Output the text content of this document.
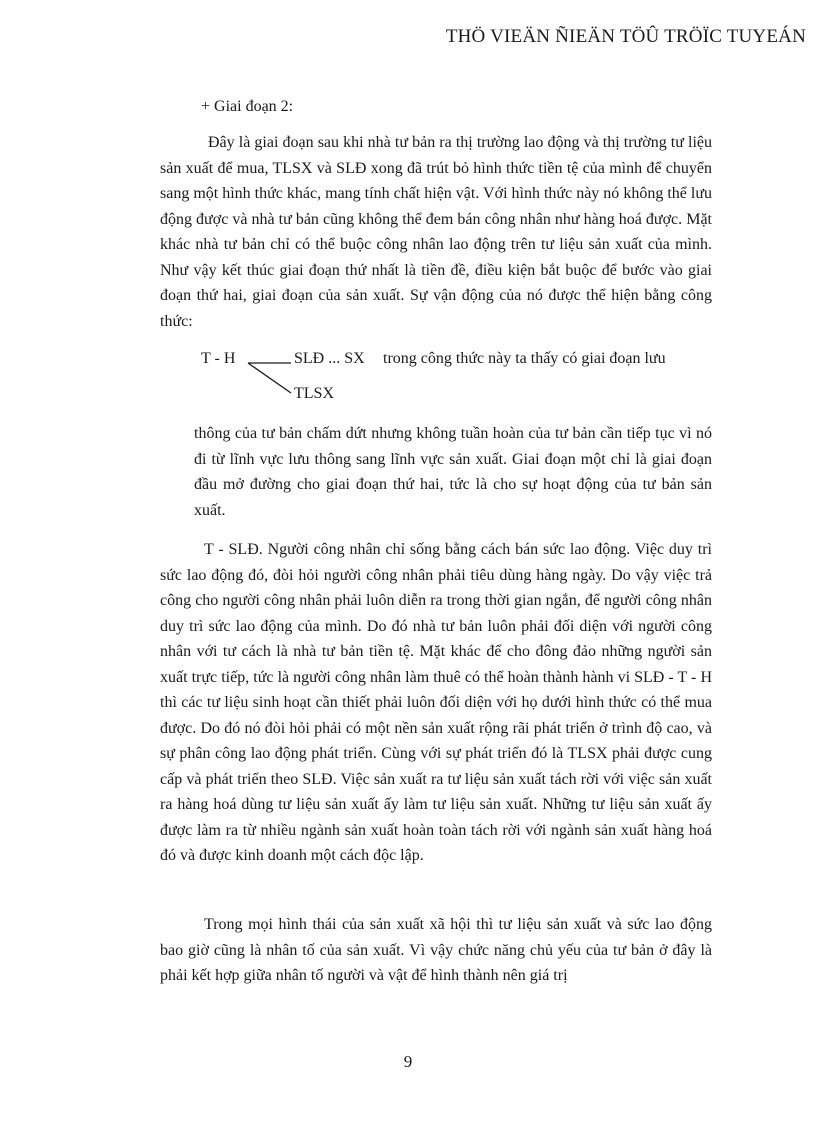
THÖ VIEÄN ÑIEÄN TÖÛ TRÖÏC TUYEÁN
+ Giai đoạn 2:

Đây là giai đoạn sau khi nhà tư bản ra thị trường lao động và thị trường tư liệu sản xuất để mua, TLSX và SLĐ xong đã trút bỏ hình thức tiền tệ của mình để chuyển sang một hình thức khác, mang tính chất hiện vật. Với hình thức này nó không thể lưu động được và nhà tư bản cũng không thể đem bán công nhân như hàng hoá được. Mặt khác nhà tư bản chỉ có thể buộc công nhân lao động trên tư liệu sản xuất của mình. Như vậy kết thúc giai đoạn thứ nhất là tiền đề, điều kiện bắt buộc để bước vào giai đoạn thứ hai, giai đoạn của sản xuất. Sự vận động của nó được thể hiện bằng công thức:

T - H	SLĐ ... SX trong công thức này ta thấy có giai đoạn lưu
TLSX

thông của tư bản chấm dứt nhưng không tuần hoàn của tư bản cần tiếp tục vì nó đi từ lĩnh vực lưu thông sang lĩnh vực sản xuất. Giai đoạn một chỉ là giai đoạn đầu mở đường cho giai đoạn thứ hai, tức là cho sự hoạt động của tư bản sản xuất.

T - SLĐ. Người công nhân chỉ sống bằng cách bán sức lao động. Việc duy trì sức lao động đó, đòi hỏi người công nhân phải tiêu dùng hàng ngày. Do vậy việc trả công cho người công nhân phải luôn diễn ra trong thời gian ngắn, để người công nhân duy trì sức lao động của mình. Do đó nhà tư bản luôn phải đối diện với người công nhân với tư cách là nhà tư bản tiền tệ. Mặt khác để cho đông đảo những người sản xuất trực tiếp, tức là người công nhân làm thuê có thể hoàn thành hành vi SLĐ - T - H thì các tư liệu sinh hoạt cần thiết phải luôn đối diện với họ dưới hình thức có thể mua được. Do đó nó đòi hỏi phải có một nền sản xuất rộng rãi phát triển ở trình độ cao, và sự phân công lao động phát triển. Cùng với sự phát triển đó là TLSX phải được cung cấp và phát triển theo SLĐ. Việc sản xuất ra tư liệu sản xuất tách rời với việc sản xuất ra hàng hoá dùng tư liệu sản xuất ấy làm tư liệu sản xuất. Những tư liệu sản xuất ấy được làm ra từ nhiều ngành sản xuất hoàn toàn tách rời với ngành sản xuất hàng hoá đó và được kinh doanh một cách độc lập.

Trong mọi hình thái của sản xuất xã hội thì tư liệu sản xuất và sức lao động bao giờ cũng là nhân tố của sản xuất. Vì vậy chức năng chủ yếu của tư bản ở đây là phải kết hợp giữa nhân tố người và vật để hình thành nên giá trị

9
